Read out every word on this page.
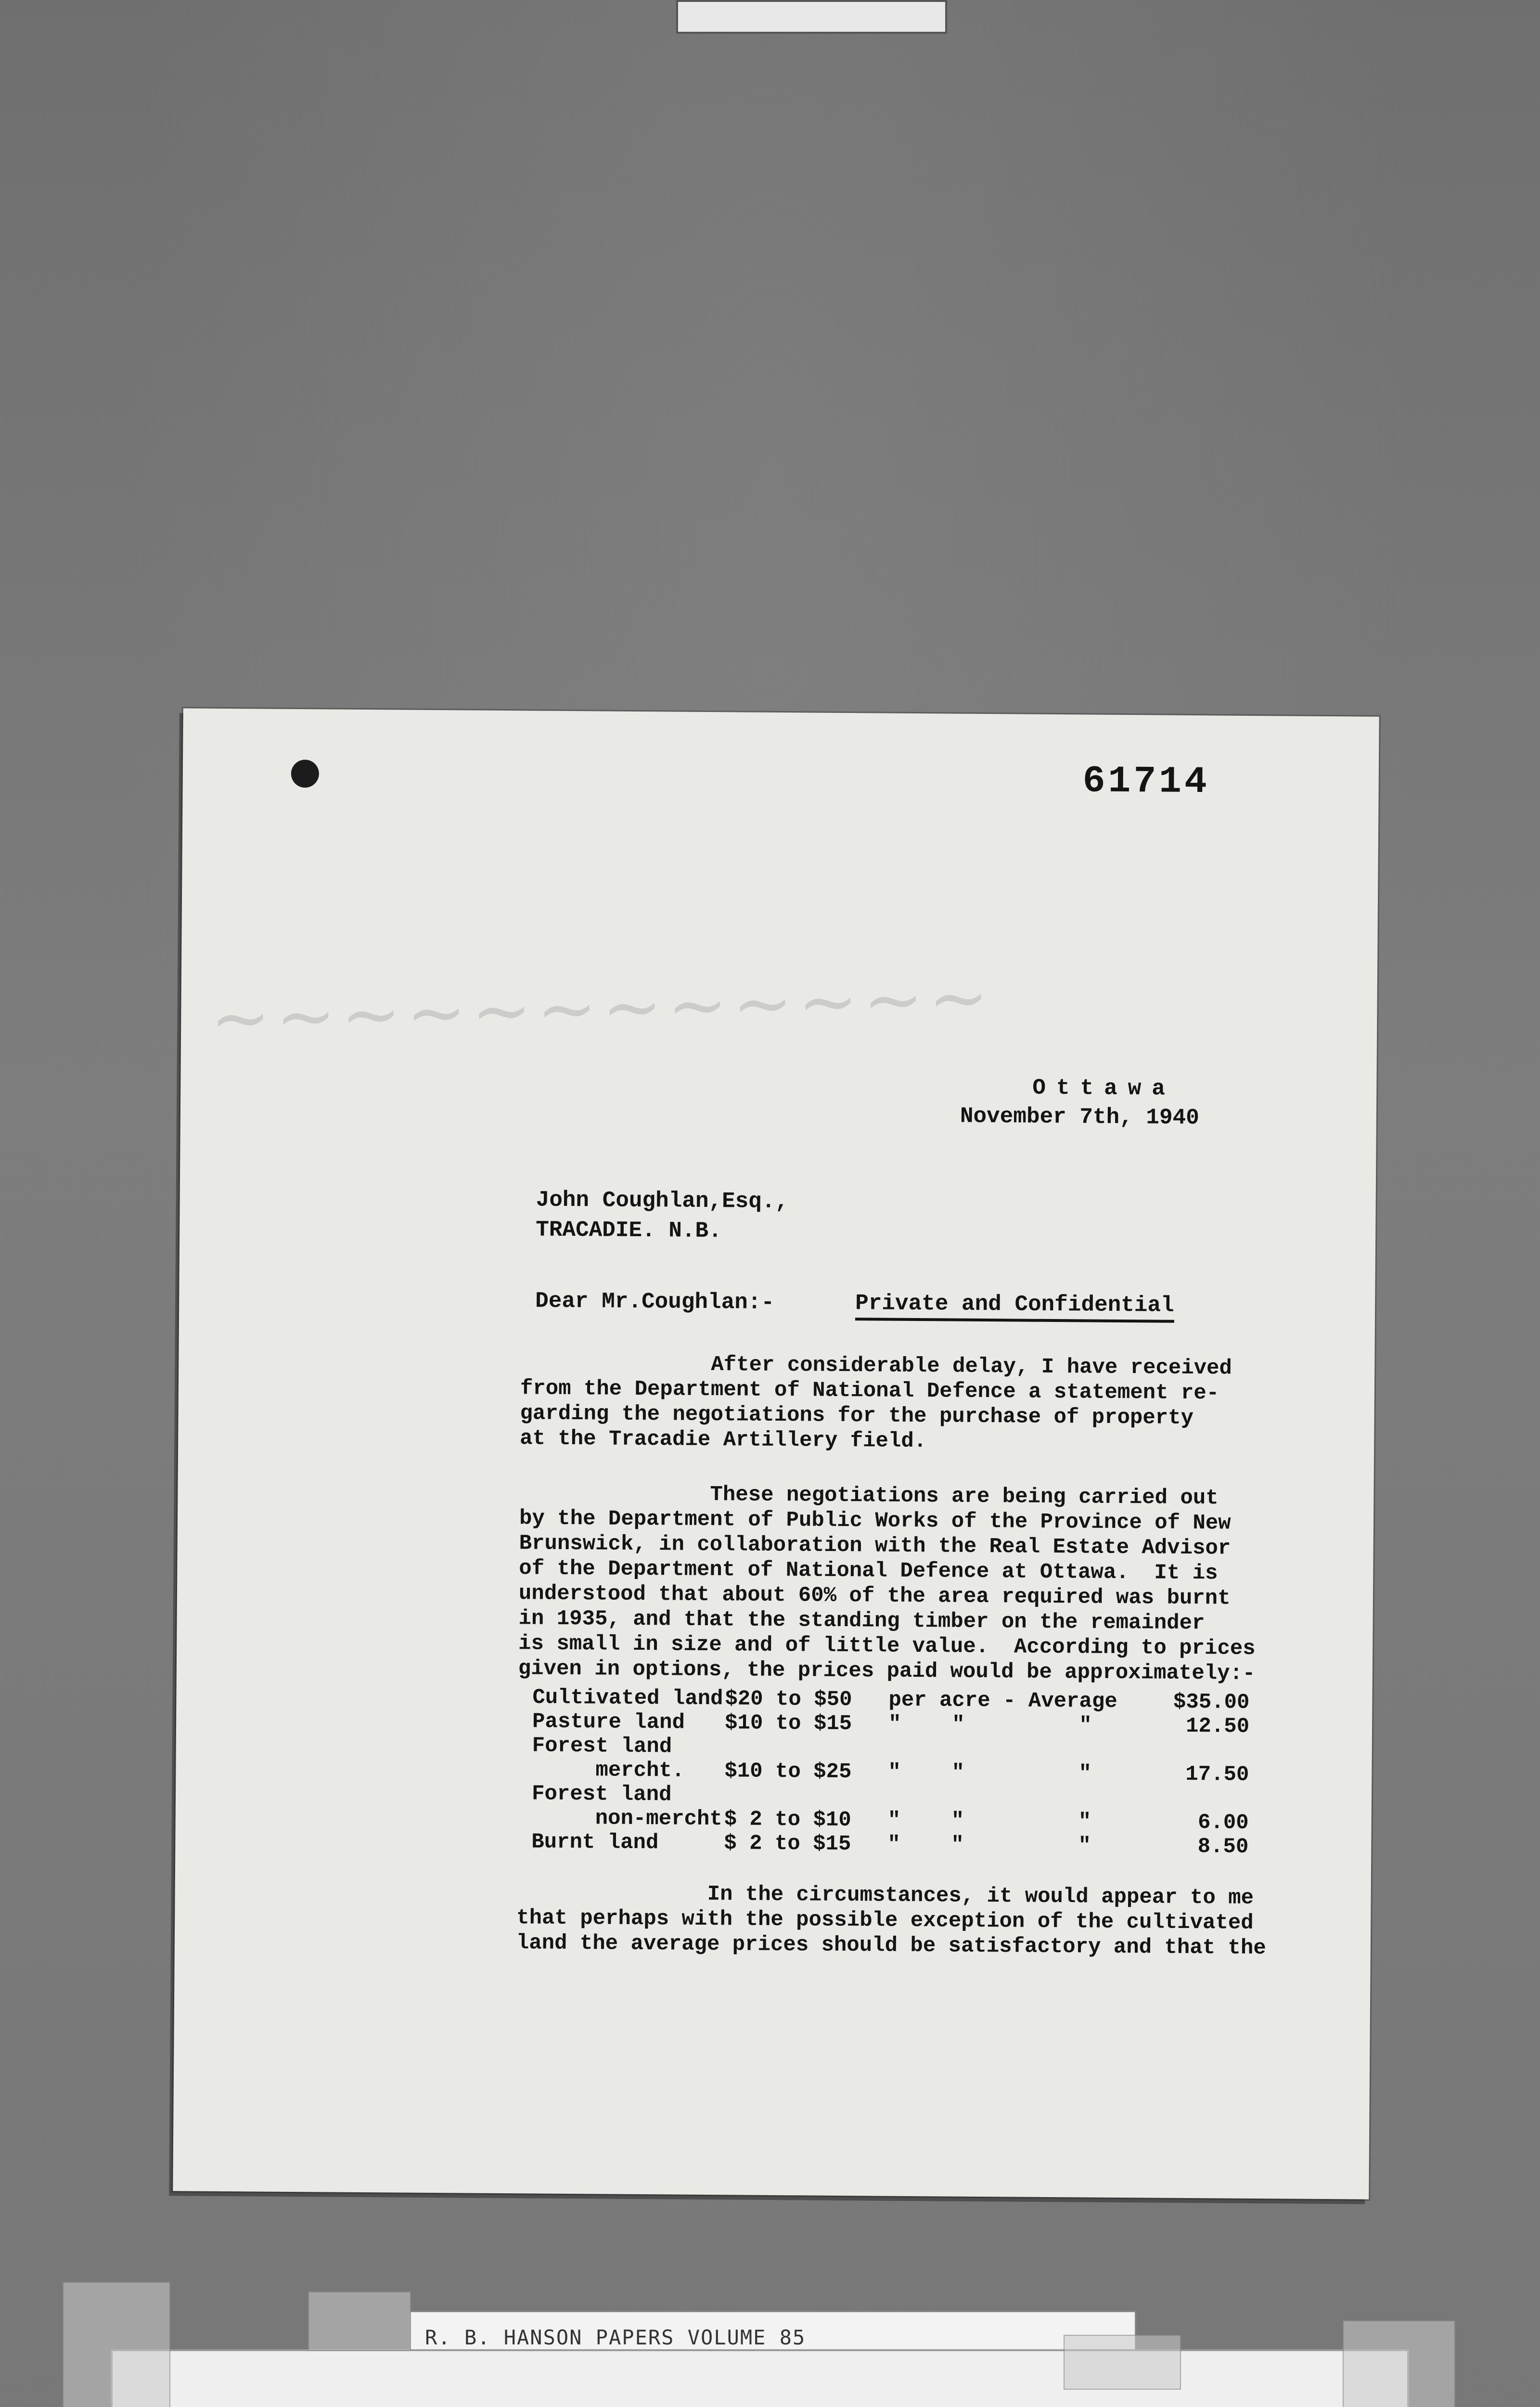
~~~~~~~~~~~~
61714
Ottawa
November 7th, 1940
John Coughlan,Esq.,
TRACADIE. N.B.
Dear Mr.Coughlan:-	Private and Confidential
After considerable delay, I have received
from the Department of National Defence a statement re-
garding the negotiations for the purchase of property
at the Tracadie Artillery field.
These negotiations are being carried out
by the Department of Public Works of the Province of New
Brunswick, in collaboration with the Real Estate Advisor
of the Department of National Defence at Ottawa.  It is
understood that about 60% of the area required was burnt
in 1935, and that the standing timber on the remainder
is small in size and of little value.  According to prices
given in options, the prices paid would be approximately:-
Cultivated land	$20 to $50	per acre - Average	$35.00
Pasture land	$10 to $15	"    "         "	12.50
Forest land			
mercht.	$10 to $25	"    "         "	17.50
Forest land			
non-mercht	$ 2 to $10	"    "         "	6.00
Burnt land	$ 2 to $15	"    "         "	8.50
In the circumstances, it would appear to me
that perhaps with the possible exception of the cultivated
land the average prices should be satisfactory and that the
R. B. HANSON PAPERS VOLUME 85
